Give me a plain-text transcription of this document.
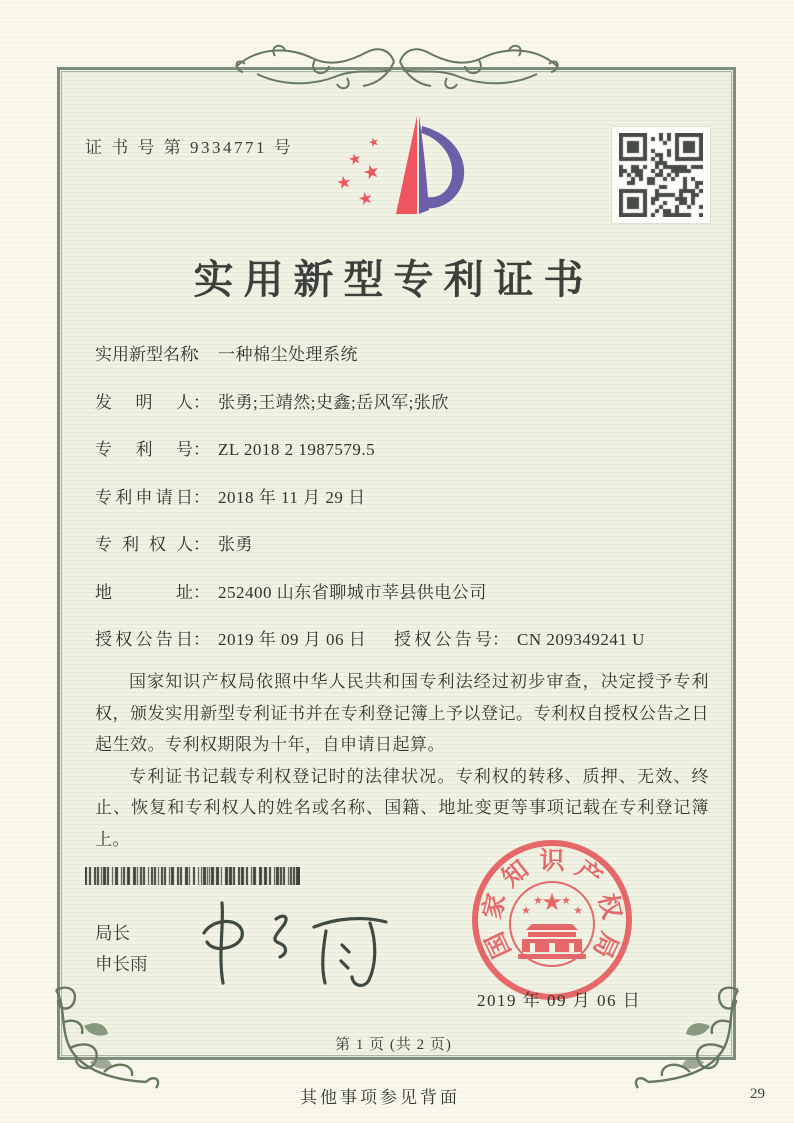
证 书 号 第 9334771 号	★
★
★
★
★
实用新型专利证书
实用新型名称： 一种棉尘处理系统
发明人： 张勇;王靖然;史鑫;岳风军;张欣
专利号： ZL 2018 2 1987579.5
专利申请日： 2018 年 11 月 29 日
专利权人： 张勇
地址： 252400 山东省聊城市莘县供电公司
授权公告日： 2019 年 09 月 06 日 授权公告号： CN 209349241 U

国家知识产权局依照中华人民共和国专利法经过初步审查，决定授予专利权，颁发实用新型专利证书并在专利登记簿上予以登记。专利权自授权公告之日起生效。专利权期限为十年，自申请日起算。

专利证书记载专利权登记时的法律状况。专利权的转移、质押、无效、终止、恢复和专利权人的姓名或名称、国籍、地址变更等事项记载在专利登记簿上。

局长
申长雨
★
★
★ ★
★
国
家
知 识 产
权
局
2019 年 09 月 06 日
第 1 页 (共 2 页)
其他事项参见背面	29
